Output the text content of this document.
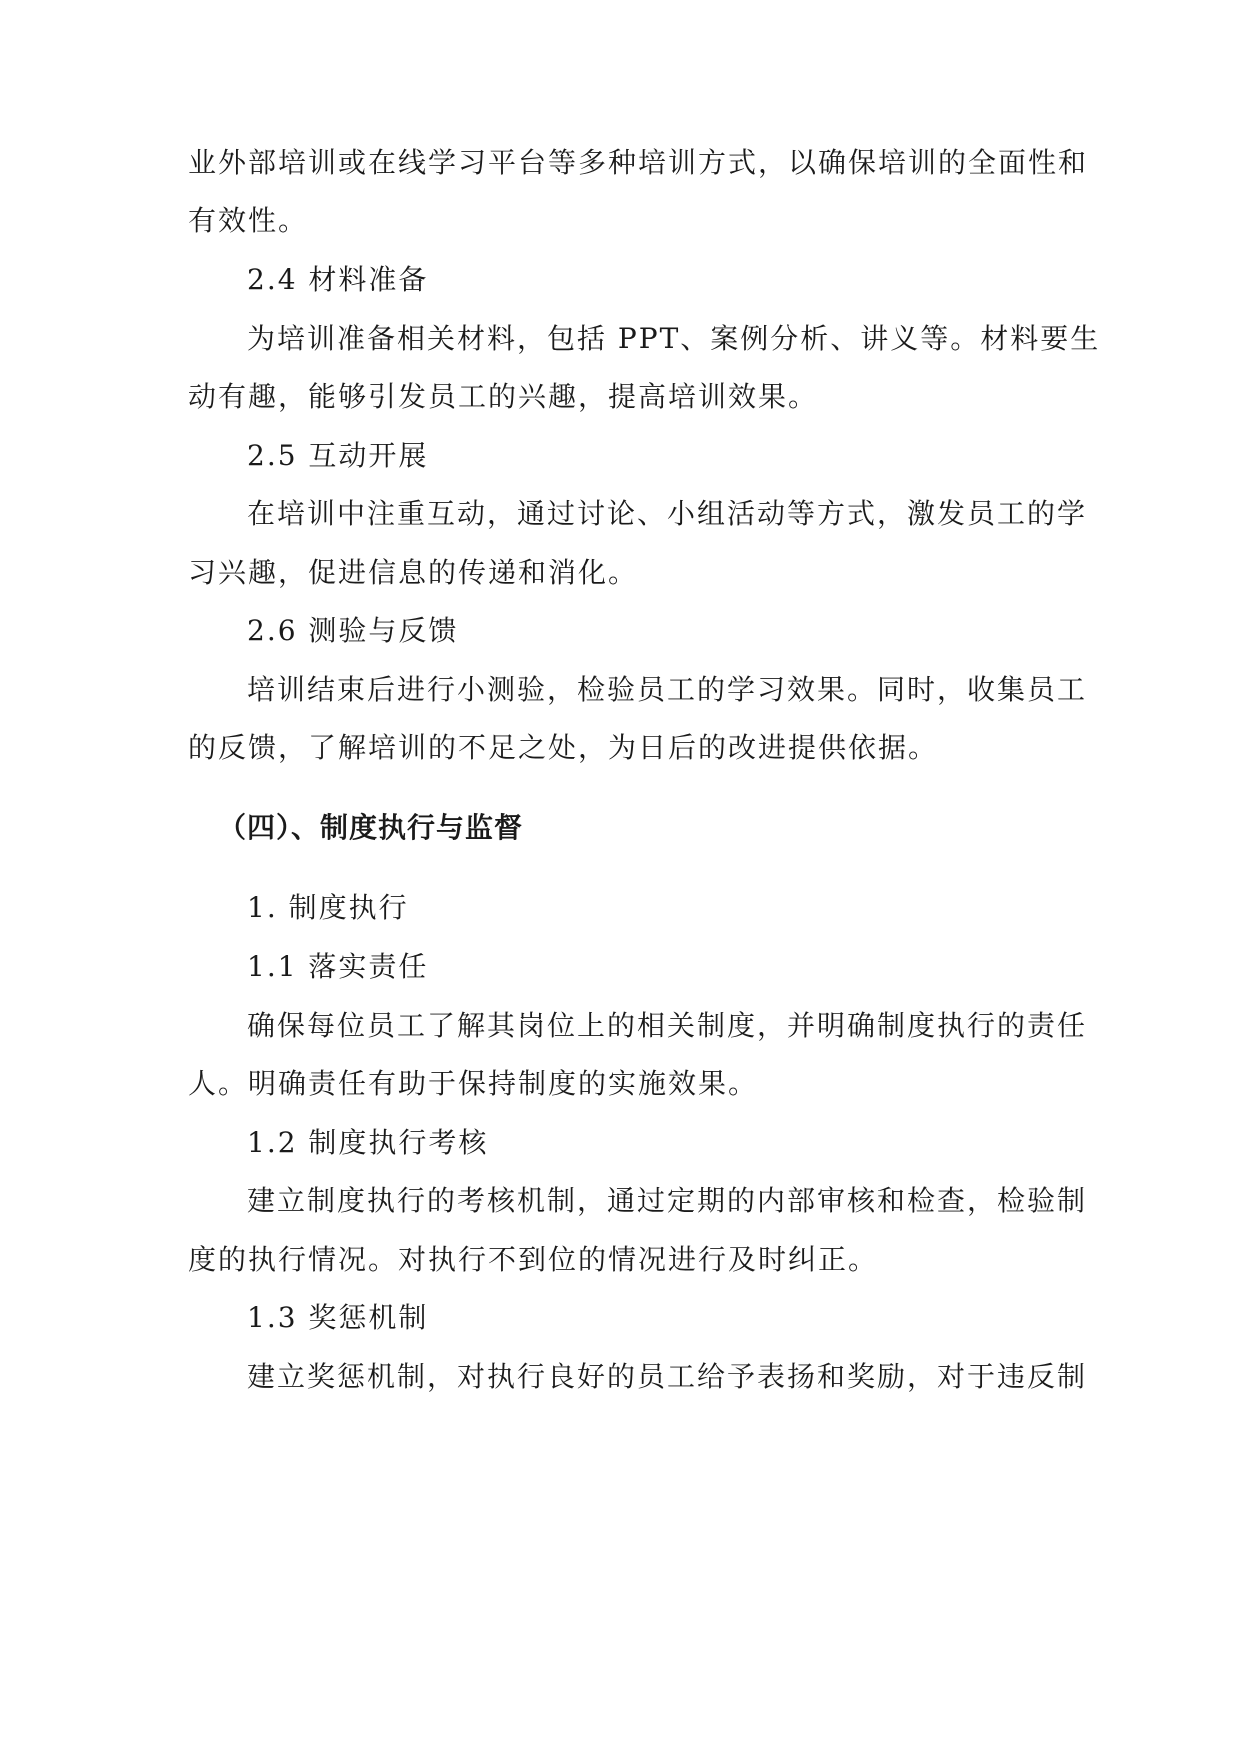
业外部培训或在线学习平台等多种培训方式，以确保培训的全面性和
有效性。
2.4 材料准备
为培训准备相关材料，包括 PPT、案例分析、讲义等。材料要生
动有趣，能够引发员工的兴趣，提高培训效果。
2.5 互动开展
在培训中注重互动，通过讨论、小组活动等方式，激发员工的学
习兴趣，促进信息的传递和消化。
2.6 测验与反馈
培训结束后进行小测验，检验员工的学习效果。同时，收集员工
的反馈，了解培训的不足之处，为日后的改进提供依据。
（四）、制度执行与监督
1. 制度执行
1.1 落实责任
确保每位员工了解其岗位上的相关制度，并明确制度执行的责任
人。明确责任有助于保持制度的实施效果。
1.2 制度执行考核
建立制度执行的考核机制，通过定期的内部审核和检查，检验制
度的执行情况。对执行不到位的情况进行及时纠正。
1.3 奖惩机制
建立奖惩机制，对执行良好的员工给予表扬和奖励，对于违反制
